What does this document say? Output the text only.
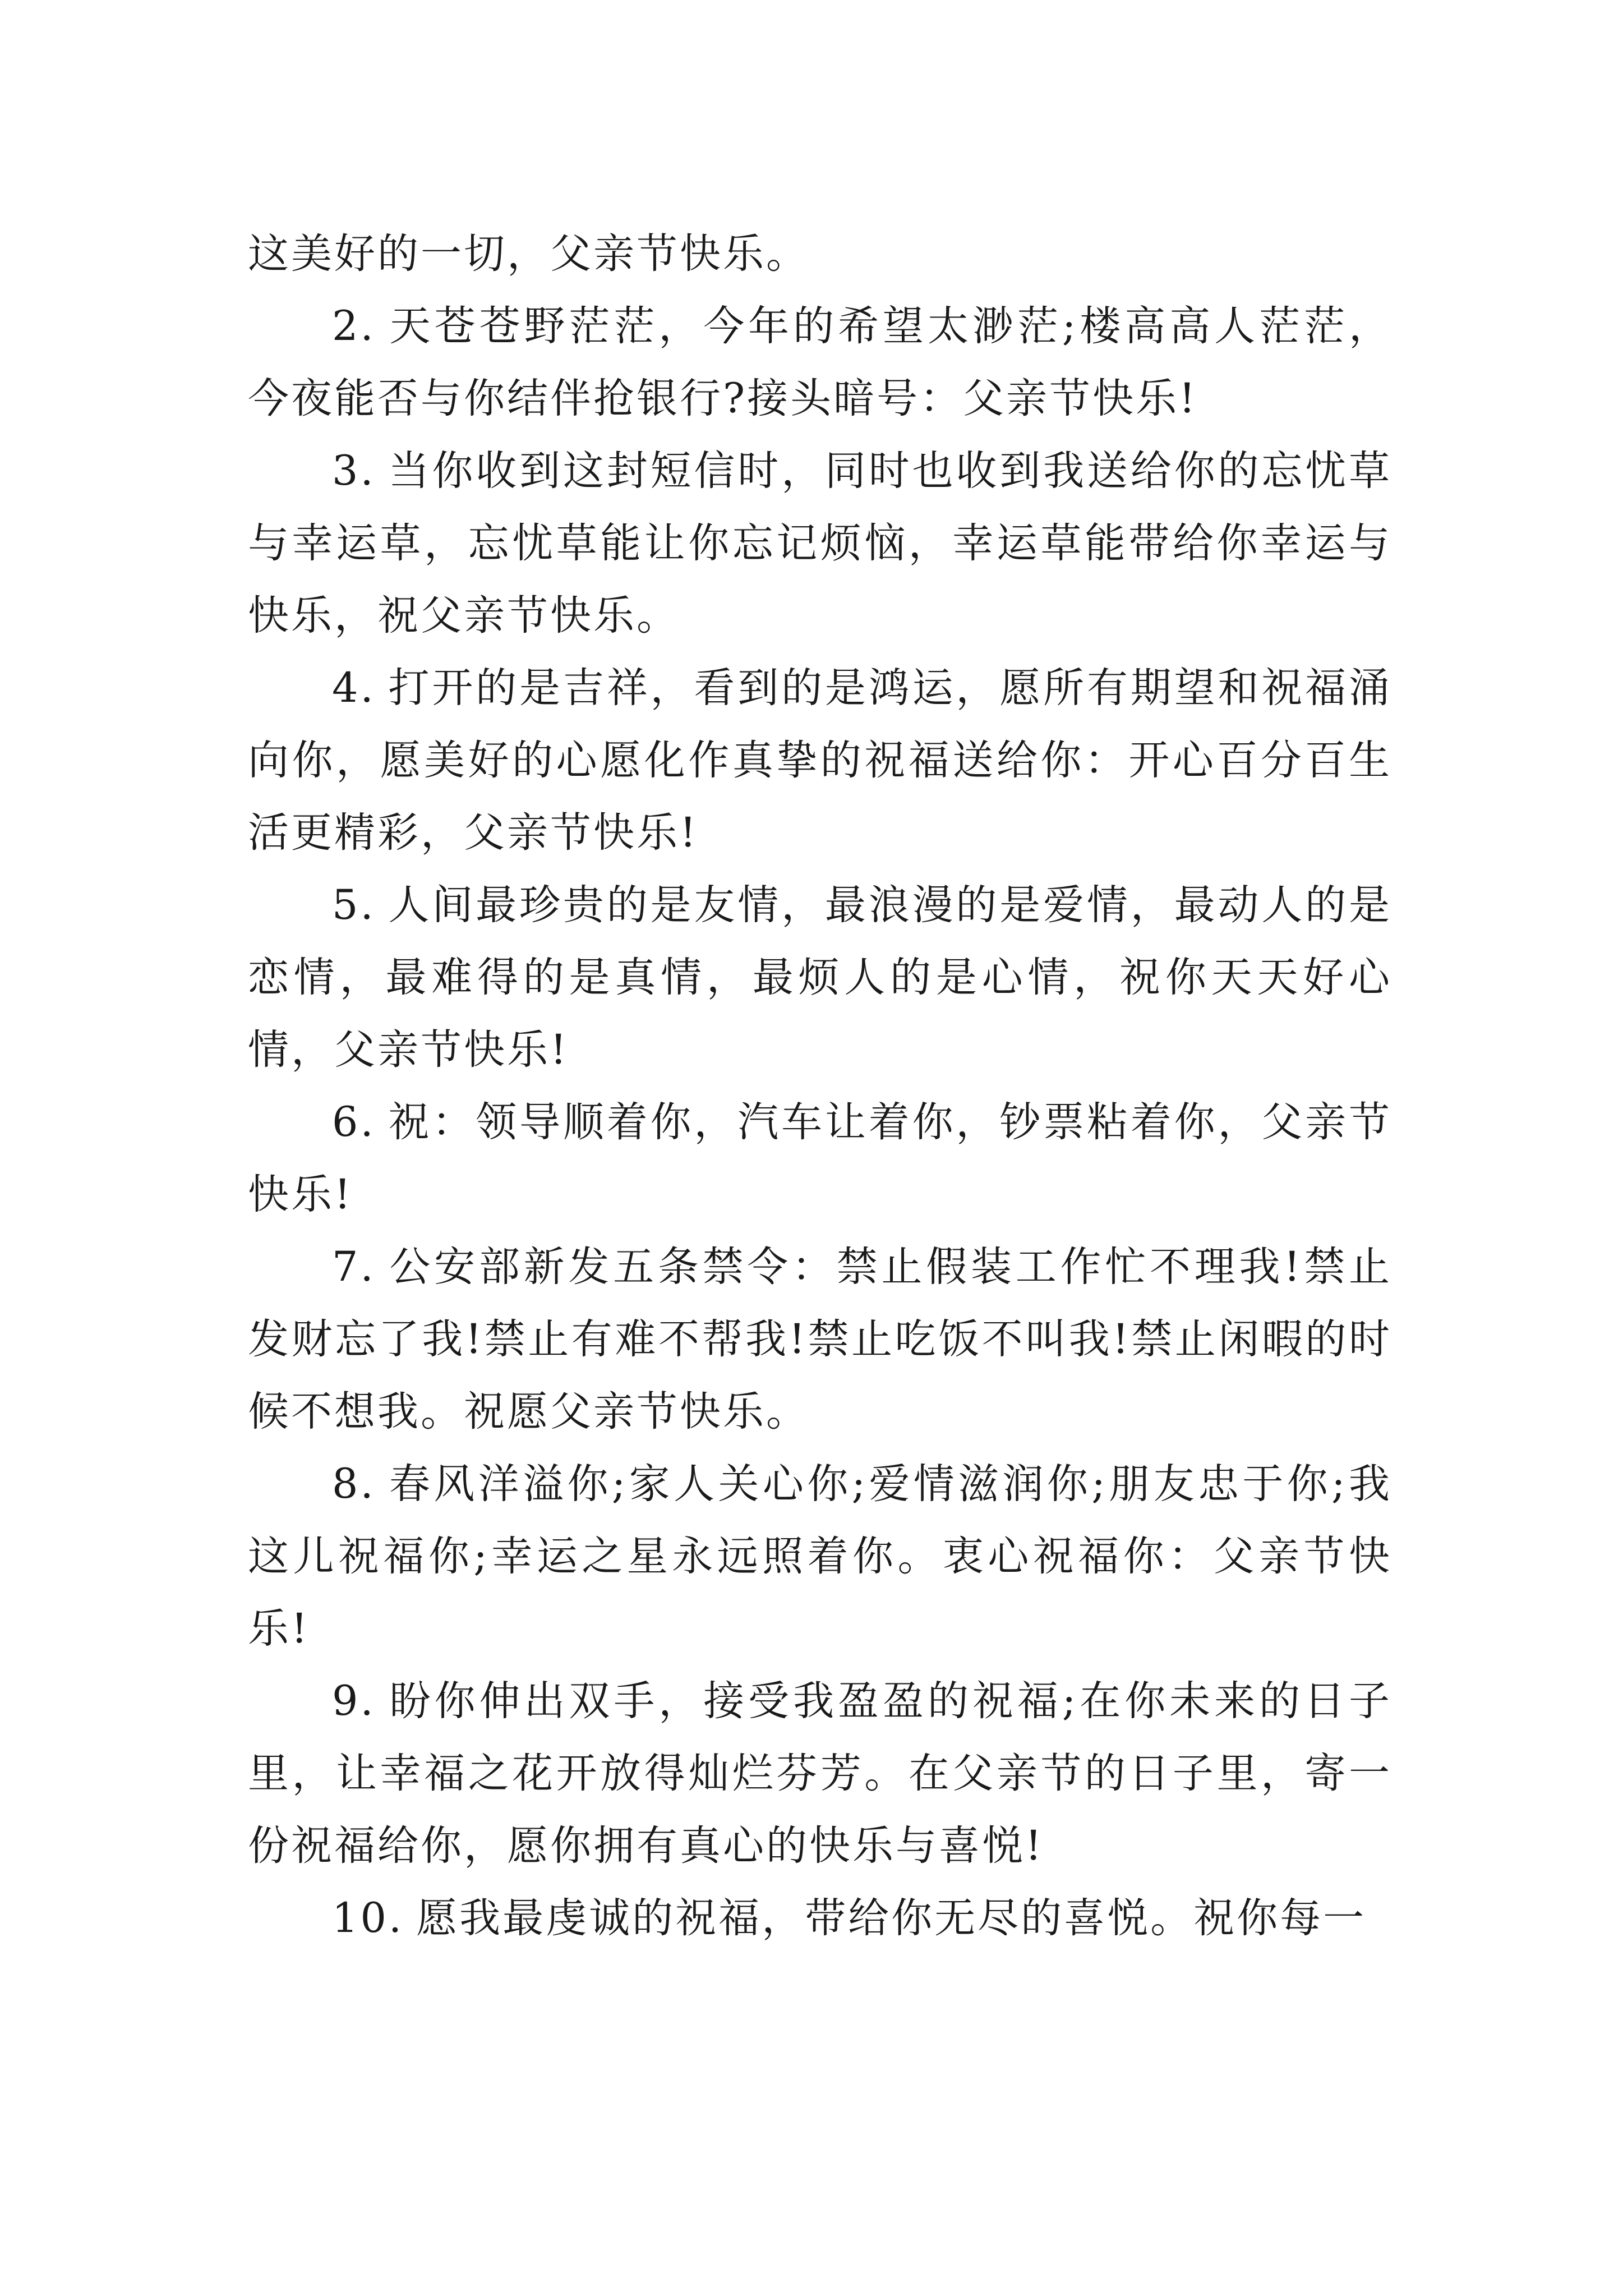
这美好的一切，父亲节快乐。

2. 天苍苍野茫茫，今年的希望太渺茫;楼高高人茫茫，今夜能否与你结伴抢银行?接头暗号：父亲节快乐!

3. 当你收到这封短信时，同时也收到我送给你的忘忧草与幸运草，忘忧草能让你忘记烦恼，幸运草能带给你幸运与快乐，祝父亲节快乐。

4. 打开的是吉祥，看到的是鸿运，愿所有期望和祝福涌向你，愿美好的心愿化作真挚的祝福送给你：开心百分百生活更精彩，父亲节快乐!

5. 人间最珍贵的是友情，最浪漫的是爱情，最动人的是恋情，最难得的是真情，最烦人的是心情，祝你天天好心情，父亲节快乐!

6. 祝：领导顺着你，汽车让着你，钞票粘着你，父亲节快乐!

7. 公安部新发五条禁令：禁止假装工作忙不理我!禁止发财忘了我!禁止有难不帮我!禁止吃饭不叫我!禁止闲暇的时候不想我。祝愿父亲节快乐。

8. 春风洋溢你;家人关心你;爱情滋润你;朋友忠于你;我这儿祝福你;幸运之星永远照着你。衷心祝福你：父亲节快乐!

9. 盼你伸出双手，接受我盈盈的祝福;在你未来的日子里，让幸福之花开放得灿烂芬芳。在父亲节的日子里，寄一份祝福给你，愿你拥有真心的快乐与喜悦!

10. 愿我最虔诚的祝福，带给你无尽的喜悦。祝你每一
